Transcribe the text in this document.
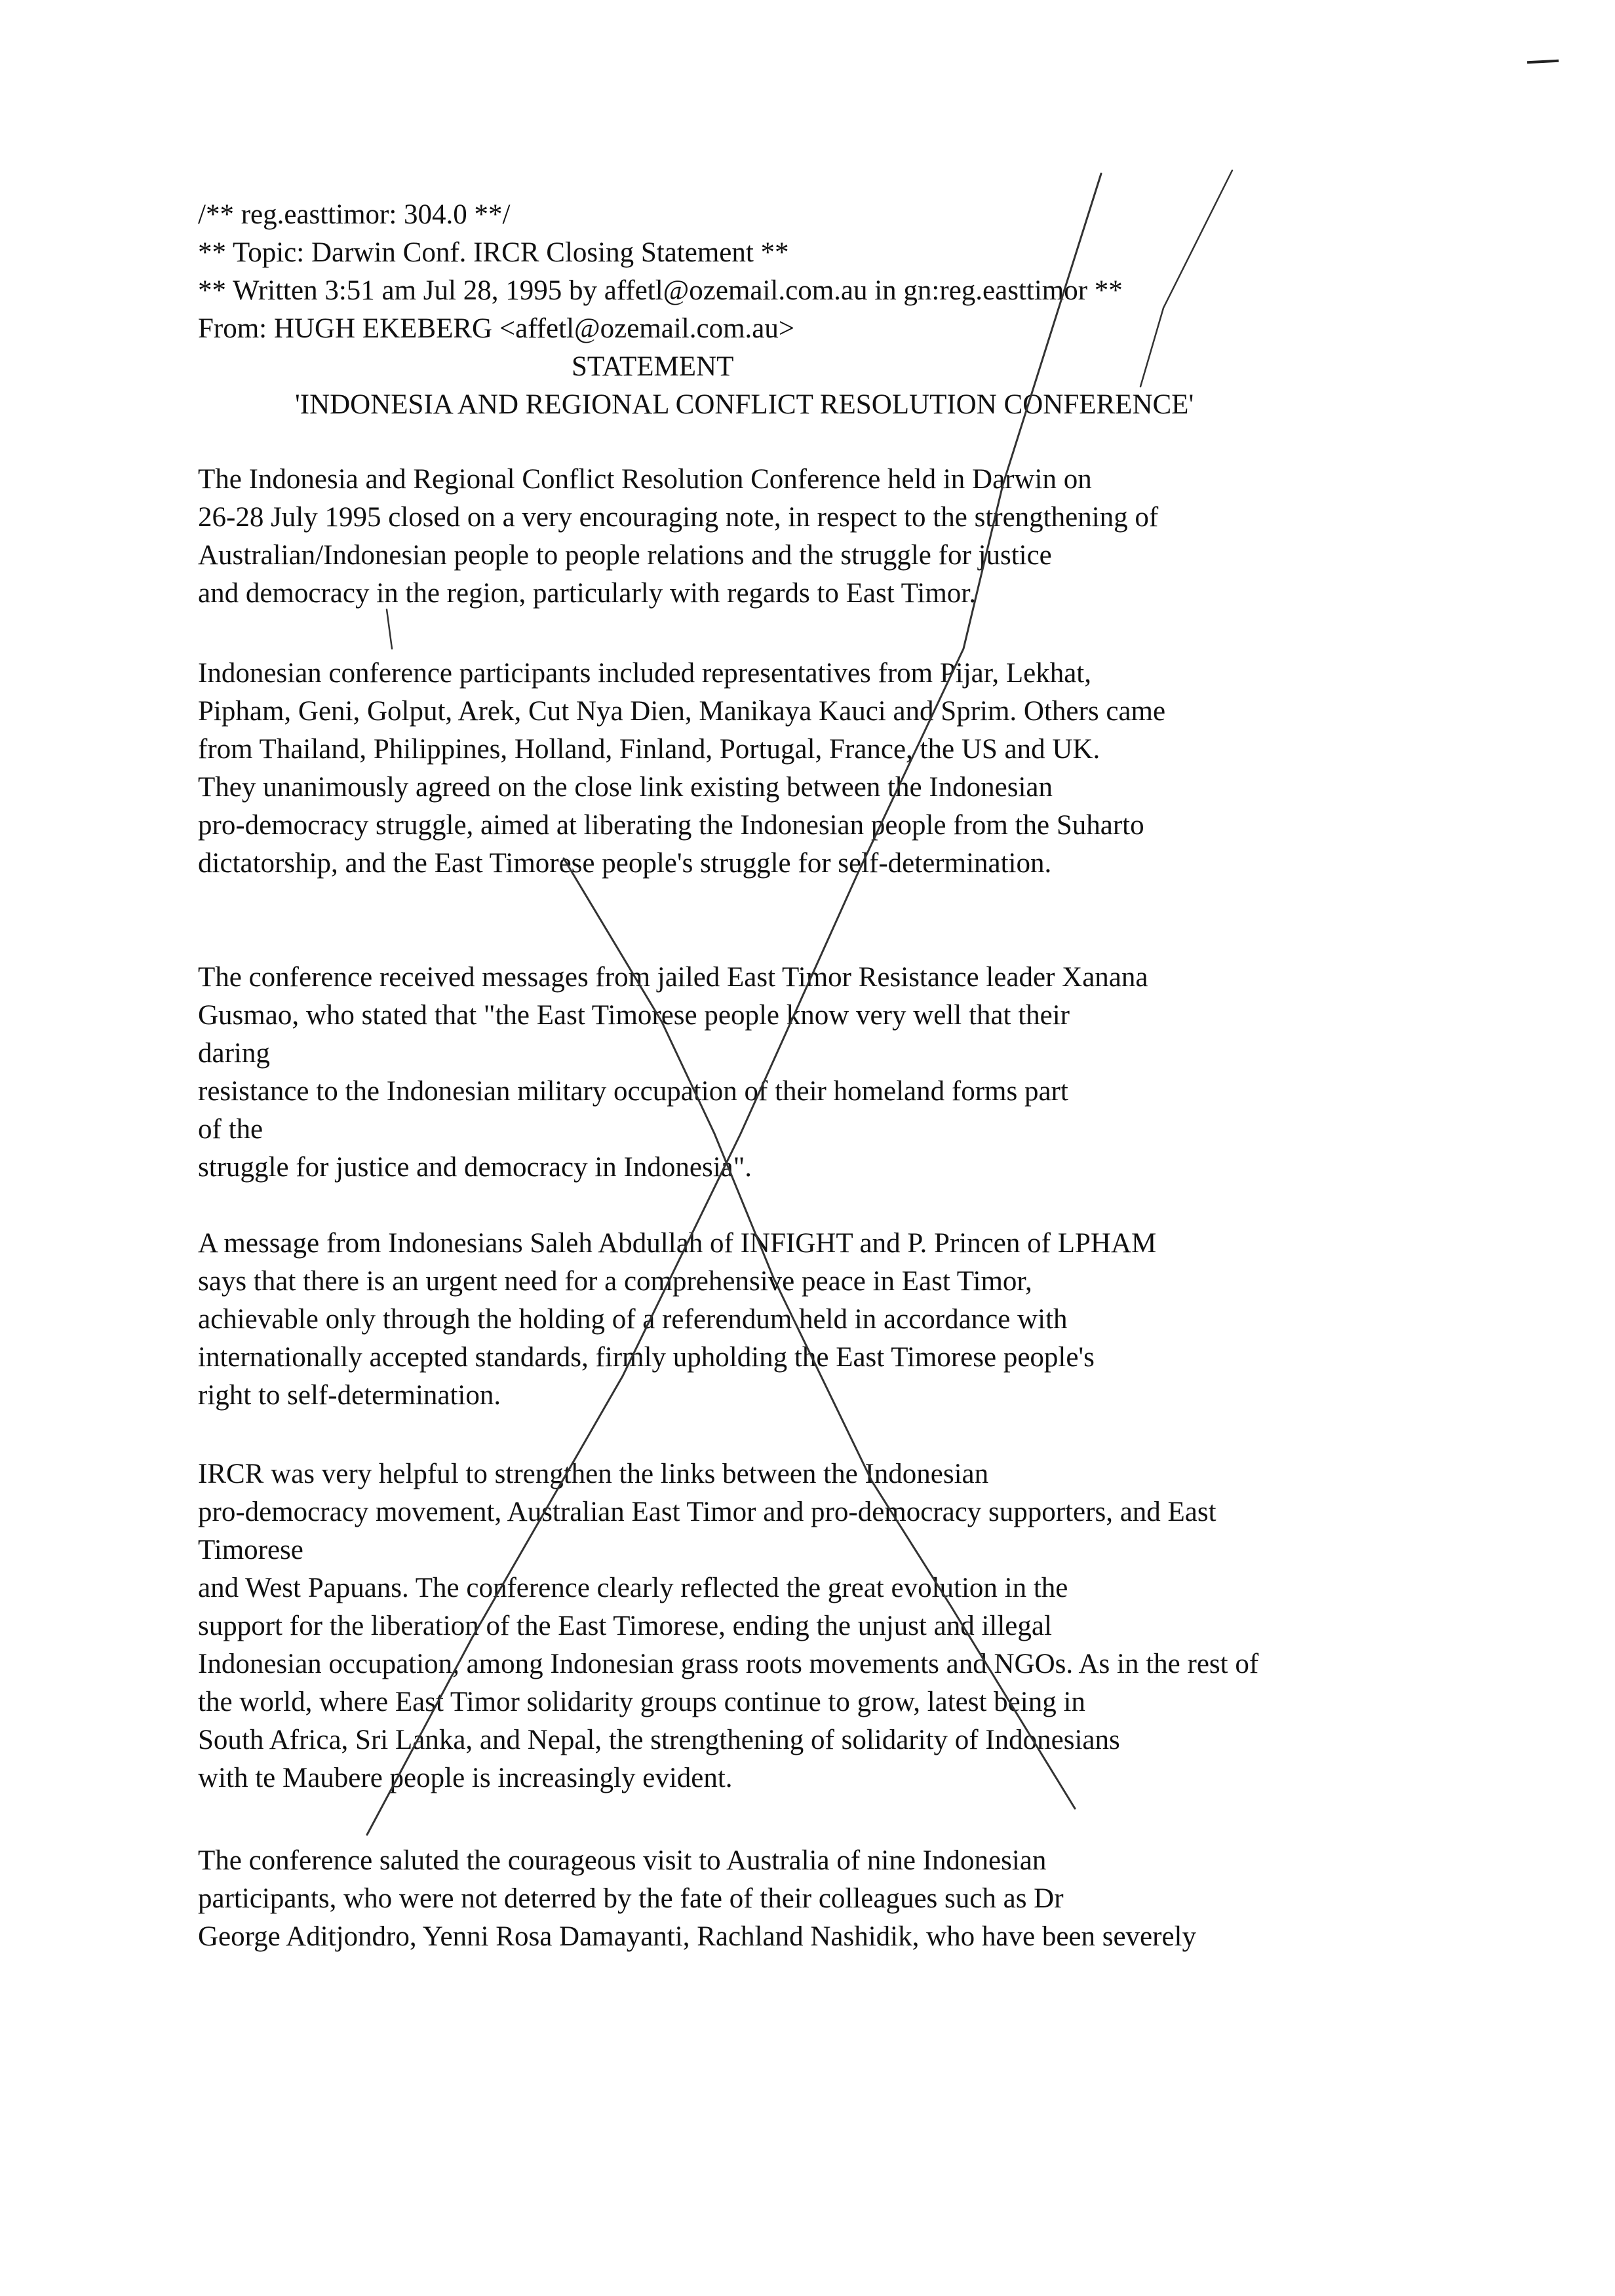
/** reg.easttimor: 304.0 **/
** Topic: Darwin Conf. IRCR Closing Statement **
** Written 3:51 am Jul 28, 1995 by affetl@ozemail.com.au in gn:reg.easttimor **
From: HUGH EKEBERG <affetl@ozemail.com.au>
STATEMENT
'INDONESIA AND REGIONAL CONFLICT RESOLUTION CONFERENCE'
The Indonesia and Regional Conflict Resolution Conference held in Darwin on
26-28 July 1995 closed on a very encouraging note, in respect to the strengthening of
Australian/Indonesian people to people relations and the struggle for justice
and democracy in the region, particularly with regards to East Timor.
Indonesian conference participants included representatives from Pijar, Lekhat,
Pipham, Geni, Golput, Arek, Cut Nya Dien, Manikaya Kauci and Sprim. Others came
from Thailand, Philippines, Holland, Finland, Portugal, France, the US and UK.
They unanimously agreed on the close link existing between the Indonesian
pro-democracy struggle, aimed at liberating the Indonesian people from the Suharto
dictatorship, and the East Timorese people's struggle for self-determination.
The conference received messages from jailed East Timor Resistance leader Xanana
Gusmao, who stated that "the East Timorese people know very well that their
daring
resistance to the Indonesian military occupation of their homeland forms part
of the
struggle for justice and democracy in Indonesia".
A message from Indonesians Saleh Abdullah of INFIGHT and P. Princen of LPHAM
says that there is an urgent need for a comprehensive peace in East Timor,
achievable only through the holding of a referendum held in accordance with
internationally accepted standards, firmly upholding the East Timorese people's
right to self-determination.
IRCR was very helpful to strengthen the links between the Indonesian
pro-democracy movement, Australian East Timor and pro-democracy supporters, and East
Timorese
and West Papuans. The conference clearly reflected the great evolution in the
support for the liberation of the East Timorese, ending the unjust and illegal
Indonesian occupation, among Indonesian grass roots movements and NGOs. As in the rest of
the world, where East Timor solidarity groups continue to grow, latest being in
South Africa, Sri Lanka, and Nepal, the strengthening of solidarity of Indonesians
with te Maubere people is increasingly evident.
The conference saluted the courageous visit to Australia of nine Indonesian
participants, who were not deterred by the fate of their colleagues such as Dr
George Aditjondro, Yenni Rosa Damayanti, Rachland Nashidik, who have been severely
